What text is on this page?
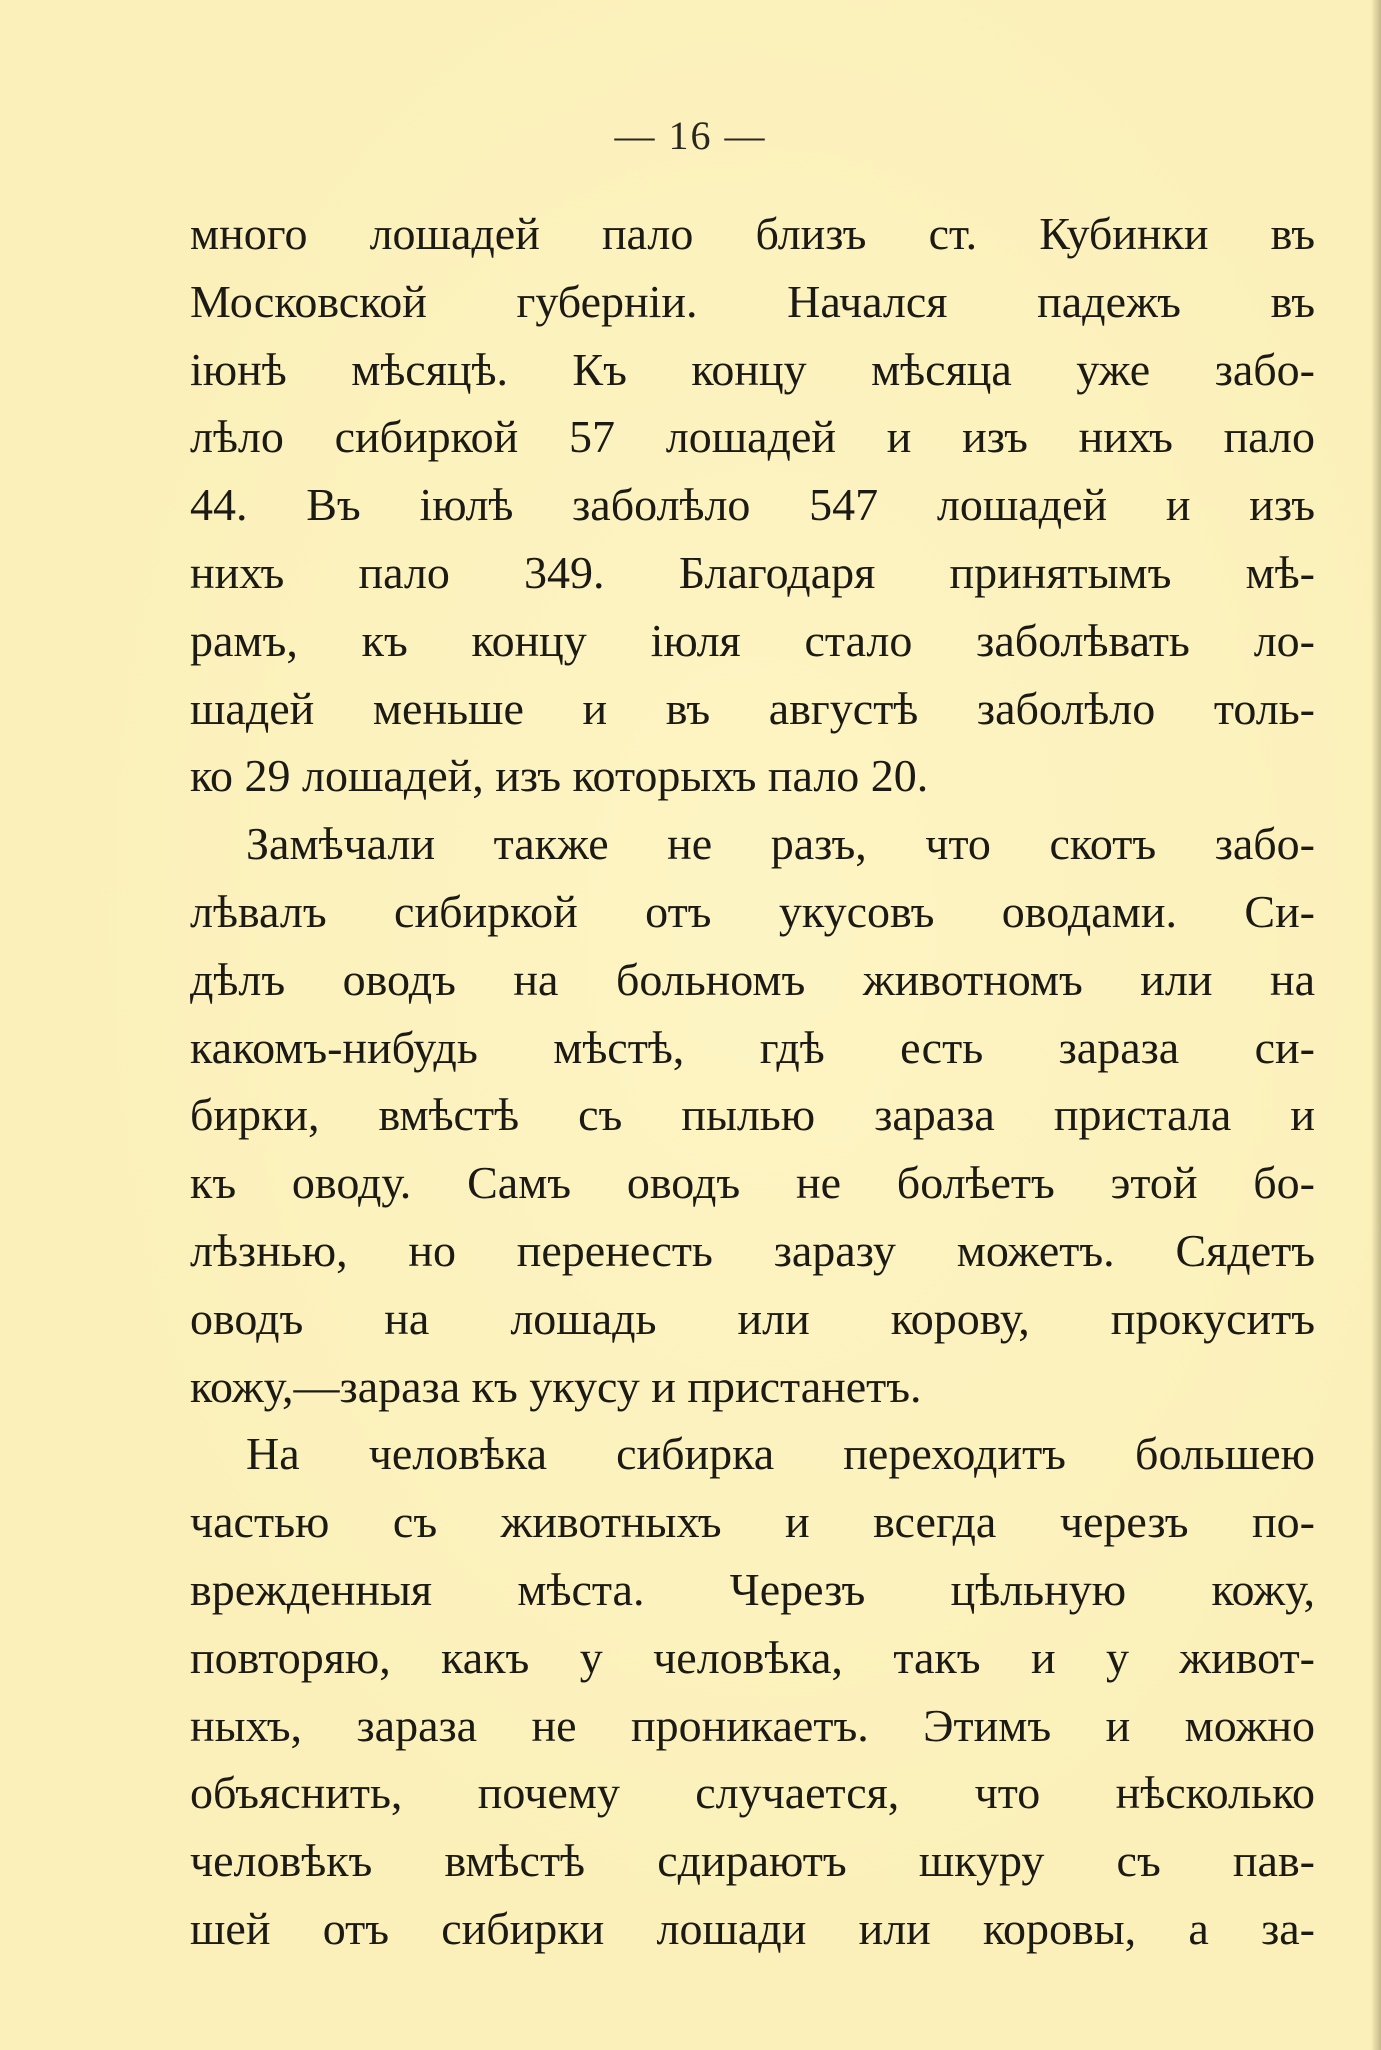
— 16 —
много лошадей пало близъ ст. Кубинки въ
Московской губерніи. Начался падежъ въ
іюнѣ мѣсяцѣ. Къ концу мѣсяца уже забо-
лѣло сибиркой 57 лошадей и изъ нихъ пало
44. Въ іюлѣ заболѣло 547 лошадей и изъ
нихъ пало 349. Благодаря принятымъ мѣ-
рамъ, къ концу іюля стало заболѣвать ло-
шадей меньше и въ августѣ заболѣло толь-
ко 29 лошадей, изъ которыхъ пало 20.
Замѣчали также не разъ, что скотъ забо-
лѣвалъ сибиркой отъ укусовъ оводами. Си-
дѣлъ оводъ на больномъ животномъ или на
какомъ-нибудь мѣстѣ, гдѣ есть зараза си-
бирки, вмѣстѣ съ пылью зараза пристала и
къ оводу. Самъ оводъ не болѣетъ этой бо-
лѣзнью, но перенесть заразу можетъ. Сядетъ
оводъ на лошадь или корову, прокуситъ
кожу,—зараза къ укусу и пристанетъ.
На человѣка сибирка переходитъ большею
частью съ животныхъ и всегда черезъ по-
врежденныя мѣста. Черезъ цѣльную кожу,
повторяю, какъ у человѣка, такъ и у живот-
ныхъ, зараза не проникаетъ. Этимъ и можно
объяснить, почему случается, что нѣсколько
человѣкъ вмѣстѣ сдираютъ шкуру съ пав-
шей отъ сибирки лошади или коровы, а за-
